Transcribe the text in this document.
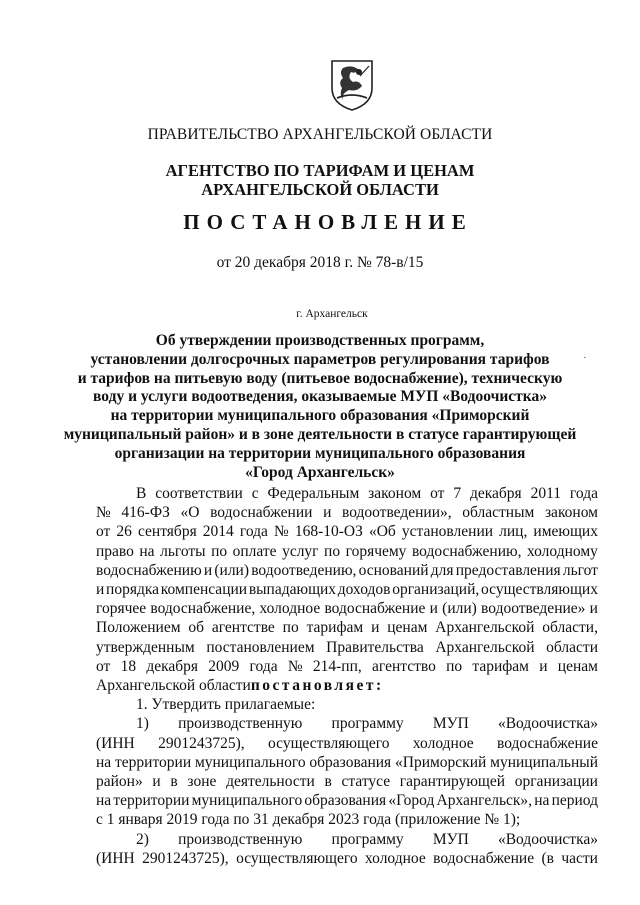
ПРАВИТЕЛЬСТВО АРХАНГЕЛЬСКОЙ ОБЛАСТИ
АГЕНТСТВО ПО ТАРИФАМ И ЦЕНАМ
АРХАНГЕЛЬСКОЙ ОБЛАСТИ
ПОСТАНОВЛЕНИЕ
от 20 декабря 2018 г. № 78-в/15
г. Архангельск
Об утверждении производственных программ,
установлении долгосрочных параметров регулирования тарифов
и тарифов на питьевую воду (питьевое водоснабжение), техническую
воду и услуги водоотведения, оказываемые МУП «Водоочистка»
на территории муниципального образования «Приморский
муниципальный район» и в зоне деятельности в статусе гарантирующей
организации на территории муниципального образования
«Город Архангельск»
В соответствии с Федеральным законом от 7 декабря 2011 года
№ 416-ФЗ «О водоснабжении и водоотведении», областным законом
от 26 сентября 2014 года № 168-10-ОЗ «Об установлении лиц, имеющих
право на льготы по оплате услуг по горячему водоснабжению, холодному
водоснабжению и (или) водоотведению, оснований для предоставления льгот
и порядка компенсации выпадающих доходов организаций, осуществляющих
горячее водоснабжение, холодное водоснабжение и (или) водоотведение» и
Положением об агентстве по тарифам и ценам Архангельской области,
утвержденным постановлением Правительства Архангельской области
от 18 декабря 2009 года № 214-пп, агентство по тарифам и ценам
Архангельской области постановляет:
1. Утвердить прилагаемые:
1) производственную программу МУП «Водоочистка»
(ИНН 2901243725), осуществляющего холодное водоснабжение
на территории муниципального образования «Приморский муниципальный
район» и в зоне деятельности в статусе гарантирующей организации
на территории муниципального образования «Город Архангельск», на период
с 1 января 2019 года по 31 декабря 2023 года (приложение № 1);
2) производственную программу МУП «Водоочистка»
(ИНН 2901243725), осуществляющего холодное водоснабжение (в части
·
